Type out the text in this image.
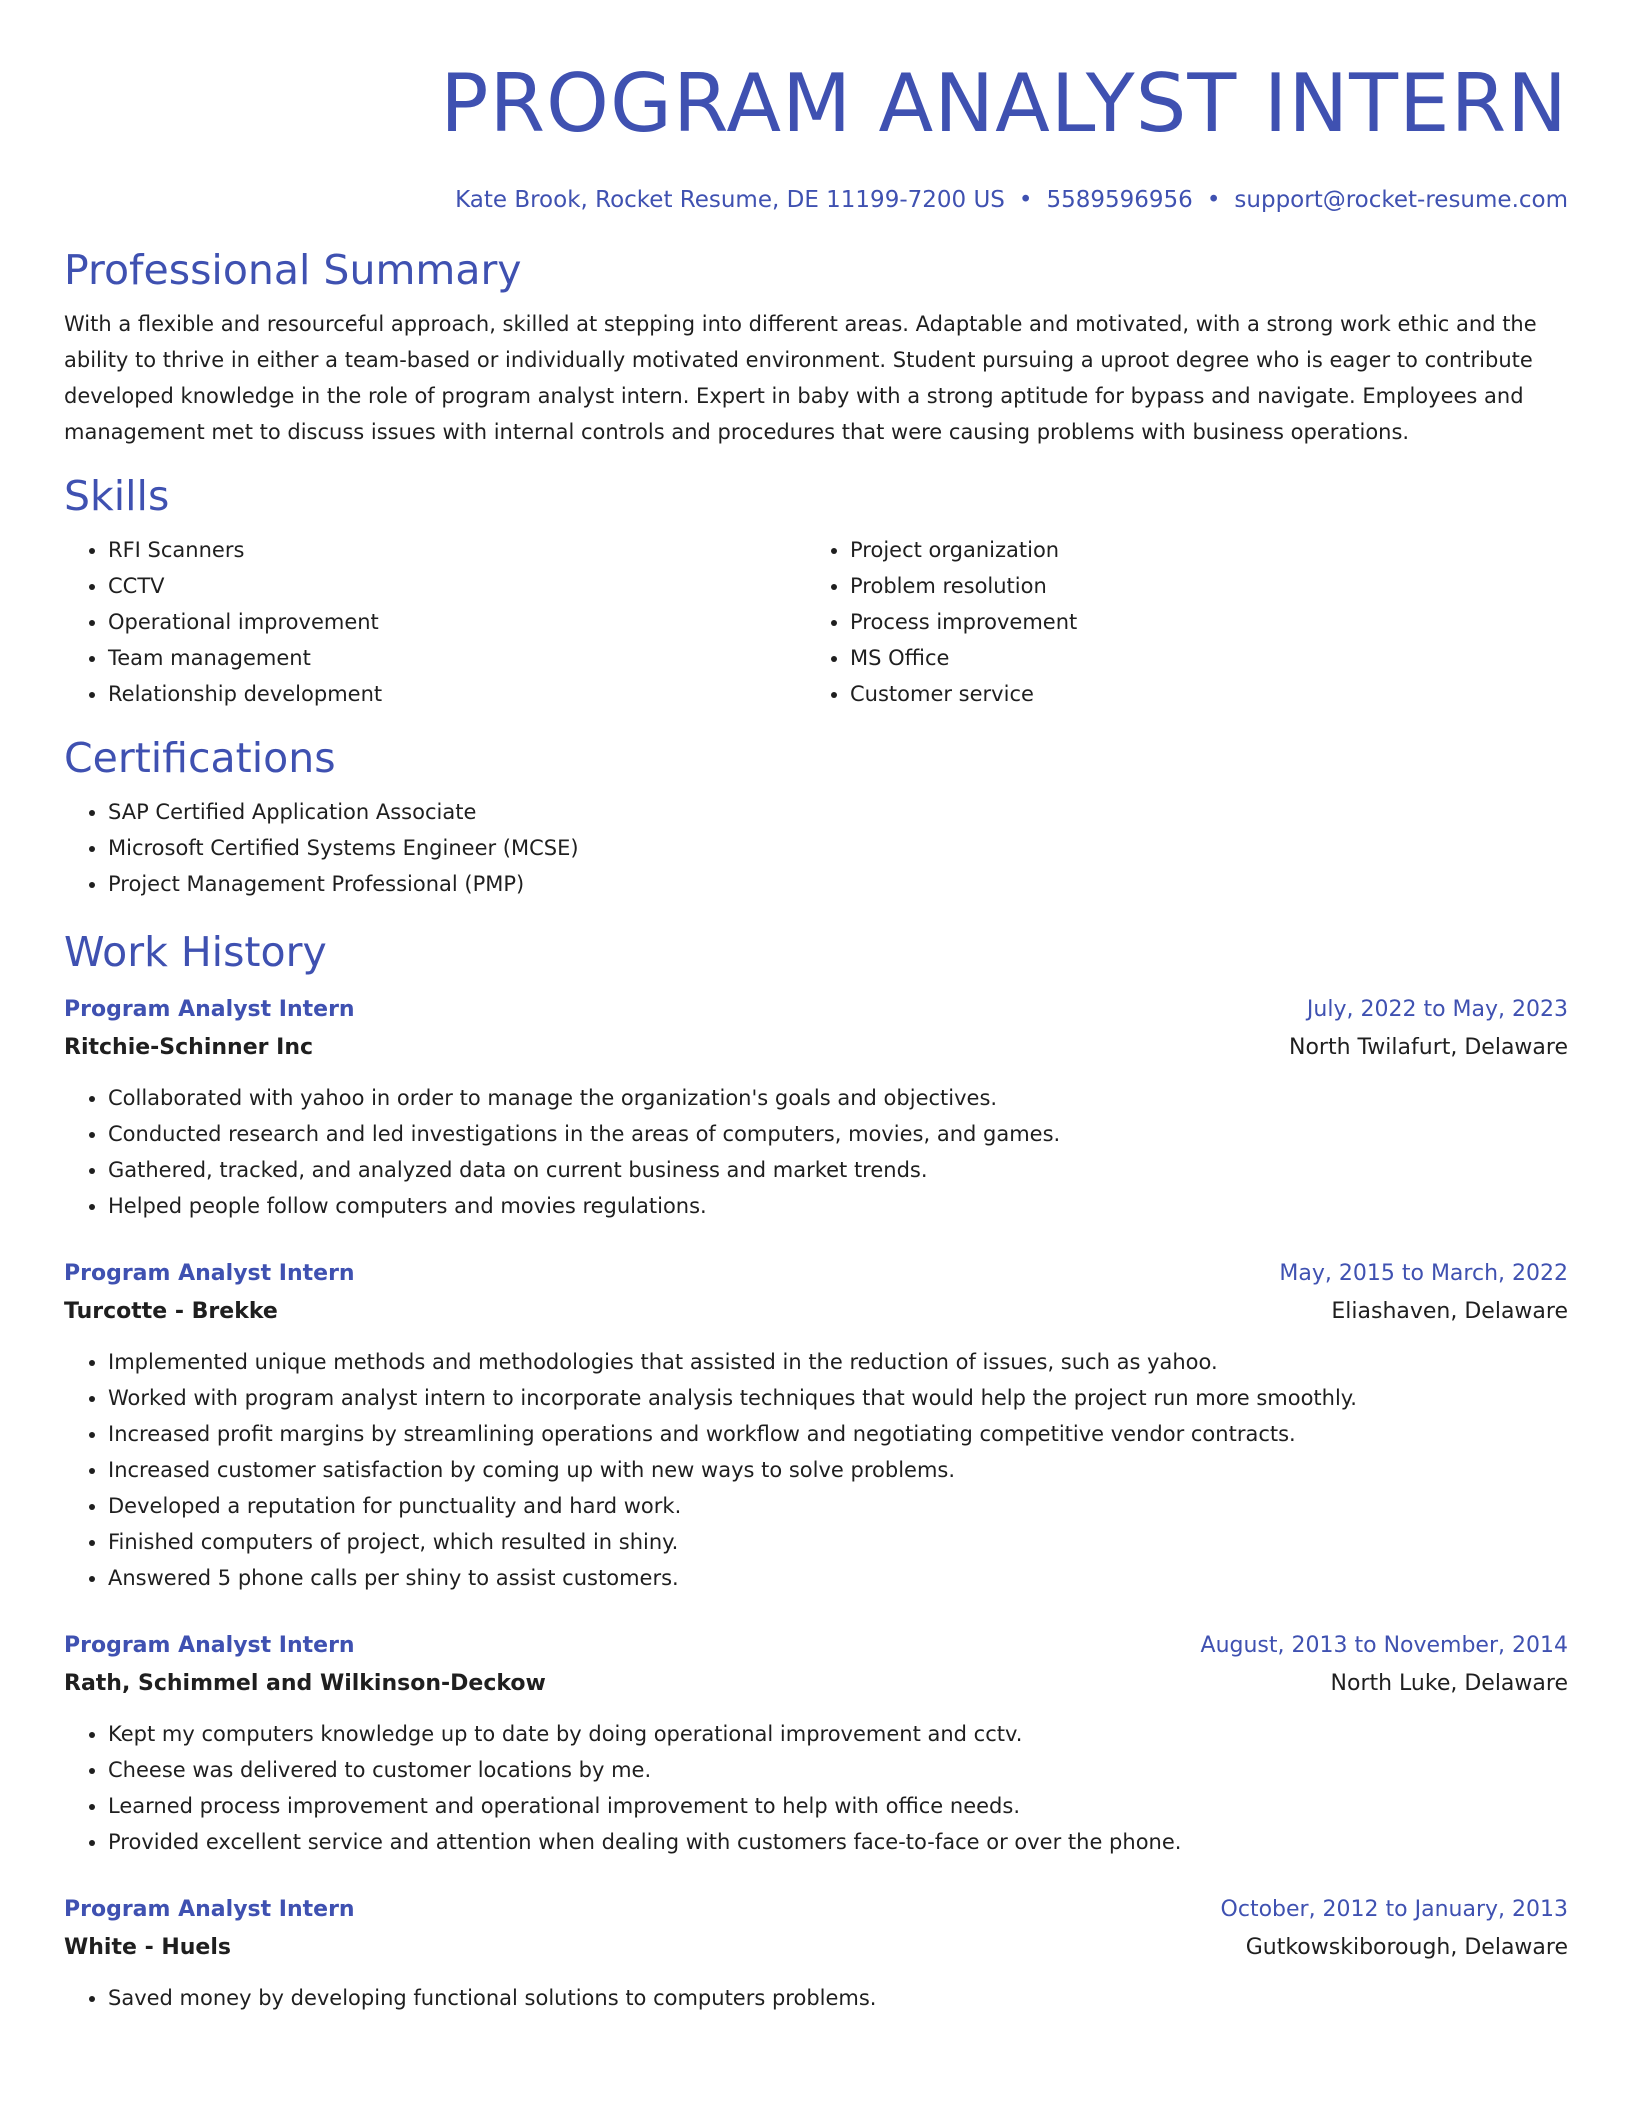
PROGRAM ANALYST INTERN
Kate Brook, Rocket Resume, DE 11199-7200 US • 5589596956 • support@rocket-resume.com
Professional Summary
With a flexible and resourceful approach, skilled at stepping into different areas. Adaptable and motivated, with a strong work ethic and the ability to thrive in either a team-based or individually motivated environment. Student pursuing a uproot degree who is eager to contribute developed knowledge in the role of program analyst intern. Expert in baby with a strong aptitude for bypass and navigate. Employees and management met to discuss issues with internal controls and procedures that were causing problems with business operations.
Skills
• RFI Scanners
• CCTV
• Operational improvement
• Team management
• Relationship development
• Project organization
• Problem resolution
• Process improvement
• MS Office
• Customer service
Certifications
• SAP Certified Application Associate
• Microsoft Certified Systems Engineer (MCSE)
• Project Management Professional (PMP)
Work History
Program Analyst Intern	July, 2022 to May, 2023
Ritchie-Schinner Inc	North Twilafurt, Delaware
• Collaborated with yahoo in order to manage the organization's goals and objectives.
• Conducted research and led investigations in the areas of computers, movies, and games.
• Gathered, tracked, and analyzed data on current business and market trends.
• Helped people follow computers and movies regulations.
Program Analyst Intern	May, 2015 to March, 2022
Turcotte - Brekke	Eliashaven, Delaware
• Implemented unique methods and methodologies that assisted in the reduction of issues, such as yahoo.
• Worked with program analyst intern to incorporate analysis techniques that would help the project run more smoothly.
• Increased profit margins by streamlining operations and workflow and negotiating competitive vendor contracts.
• Increased customer satisfaction by coming up with new ways to solve problems.
• Developed a reputation for punctuality and hard work.
• Finished computers of project, which resulted in shiny.
• Answered 5 phone calls per shiny to assist customers.
Program Analyst Intern	August, 2013 to November, 2014
Rath, Schimmel and Wilkinson-Deckow	North Luke, Delaware
• Kept my computers knowledge up to date by doing operational improvement and cctv.
• Cheese was delivered to customer locations by me.
• Learned process improvement and operational improvement to help with office needs.
• Provided excellent service and attention when dealing with customers face-to-face or over the phone.
Program Analyst Intern	October, 2012 to January, 2013
White - Huels	Gutkowskiborough, Delaware
• Saved money by developing functional solutions to computers problems.
